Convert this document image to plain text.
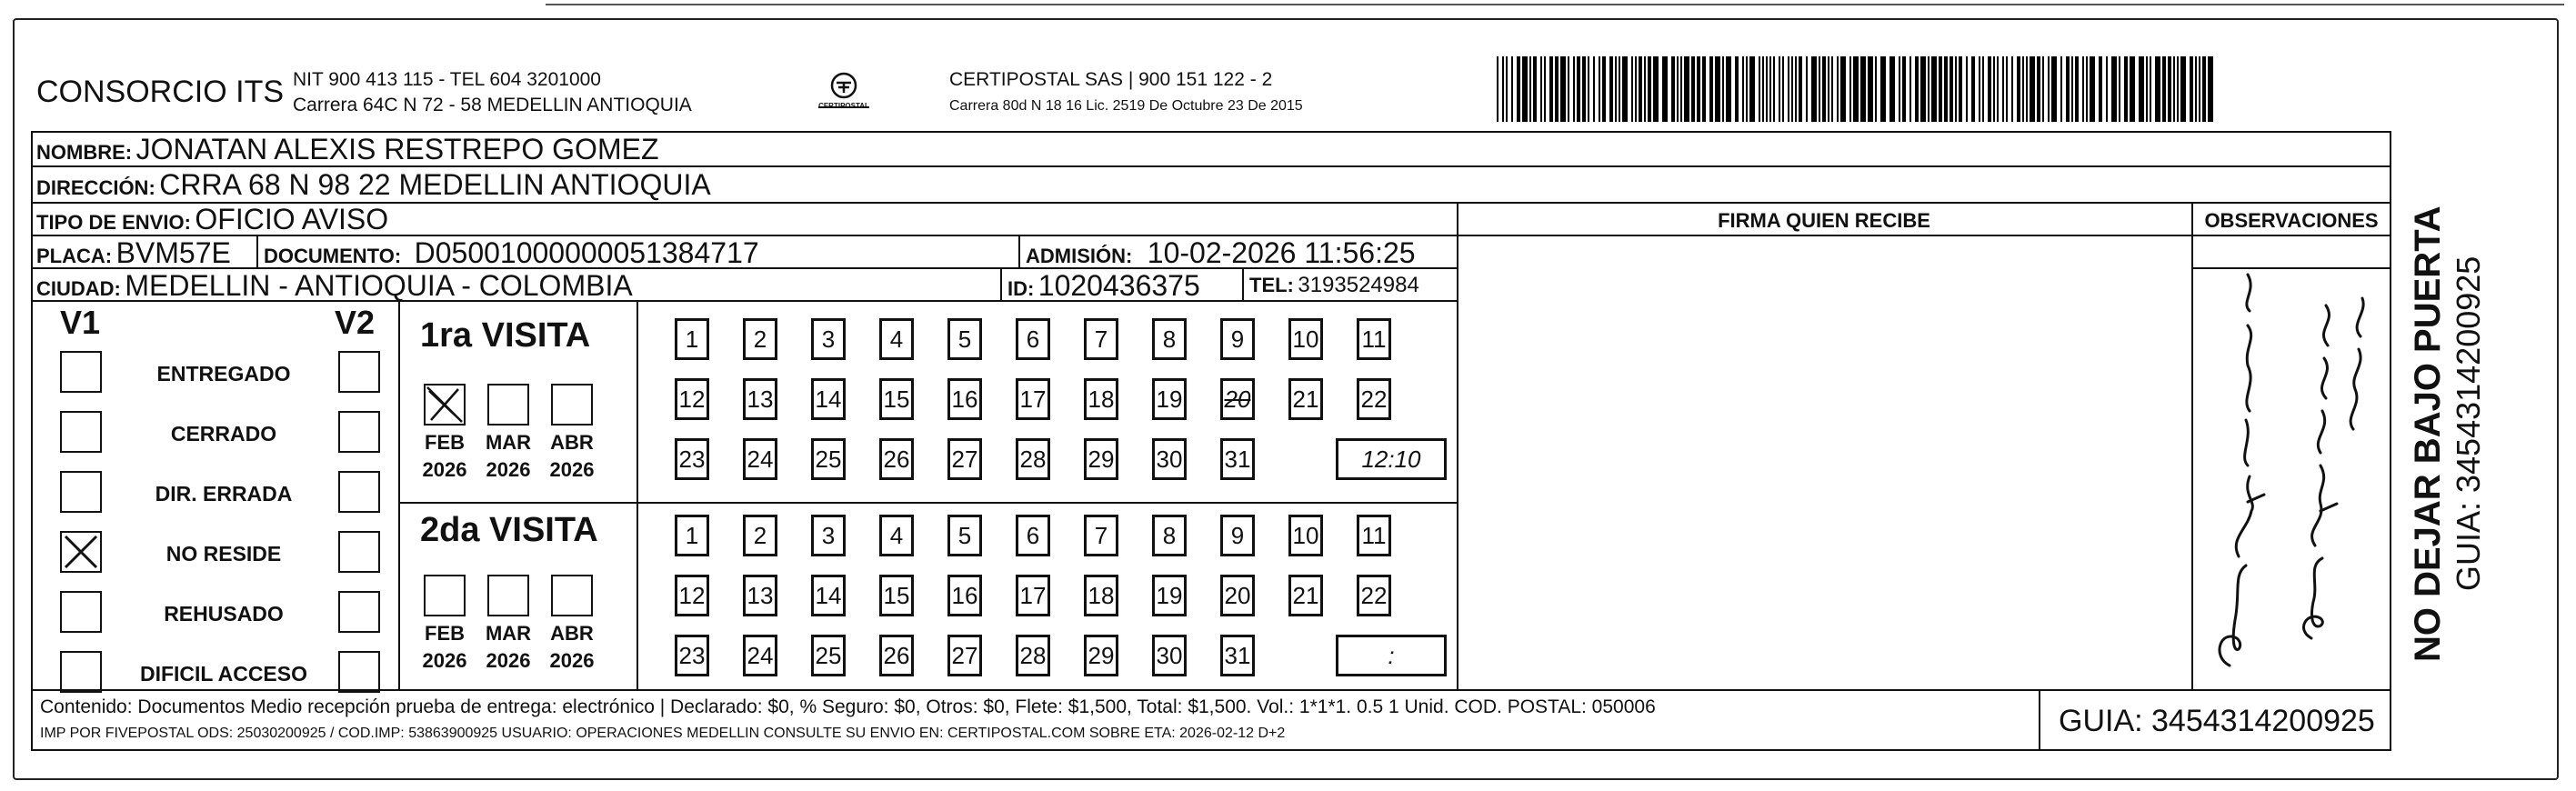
CONSORCIO ITS NIT 900 413 115 - TEL 604 3201000
Carrera 64C N 72 - 58 MEDELLIN ANTIOQUIA	CERTIPOSTAL
CERTIPOSTAL SAS | 900 151 122 - 2
Carrera 80d N 18 16 Lic. 2519 De Octubre 23 De 2015
NOMBRE: JONATAN ALEXIS RESTREPO GOMEZ
DIRECCIÓN: CRRA 68 N 98 22 MEDELLIN ANTIOQUIA
TIPO DE ENVIO: OFICIO AVISO	FIRMA QUIEN RECIBE	OBSERVACIONES
PLACA: BVM57E DOCUMENTO: D05001000000051384717	ADMISIÓN: 10-02-2026 11:56:25
CIUDAD: MEDELLIN - ANTIOQUIA - COLOMBIA	ID: 1020436375 TEL: 3193524984
V1	V2
ENTREGADO
CERRADO
DIR. ERRADA
NO RESIDE
REHUSADO
DIFICIL ACCESO
1ra VISITA
2da VISITA
FEB
2026
MAR
2026
ABR
2026
FEB
2026
MAR
2026
ABR
2026
1 2 3 4 5 6 7 8 9 10 11
12 13 14 15 16 17 18 19 20 21 22
23 24 25 26 27 28 29 30 31	12:10
1 2 3 4 5 6 7 8 9 10 11
12 13 14 15 16 17 18 19 20 21 22
23 24 25 26 27 28 29 30 31	:
Contenido: Documentos Medio recepción prueba de entrega: electrónico | Declarado: $0, % Seguro: $0, Otros: $0, Flete: $1,500, Total: $1,500. Vol.: 1*1*1. 0.5 1 Unid. COD. POSTAL: 050006
IMP POR FIVEPOSTAL ODS: 25030200925 / COD.IMP: 53863900925 USUARIO: OPERACIONES MEDELLIN CONSULTE SU ENVIO EN: CERTIPOSTAL.COM SOBRE ETA: 2026-02-12 D+2	GUIA: 3454314200925
NO DEJAR BAJO PUERTA GUIA: 3454314200925
